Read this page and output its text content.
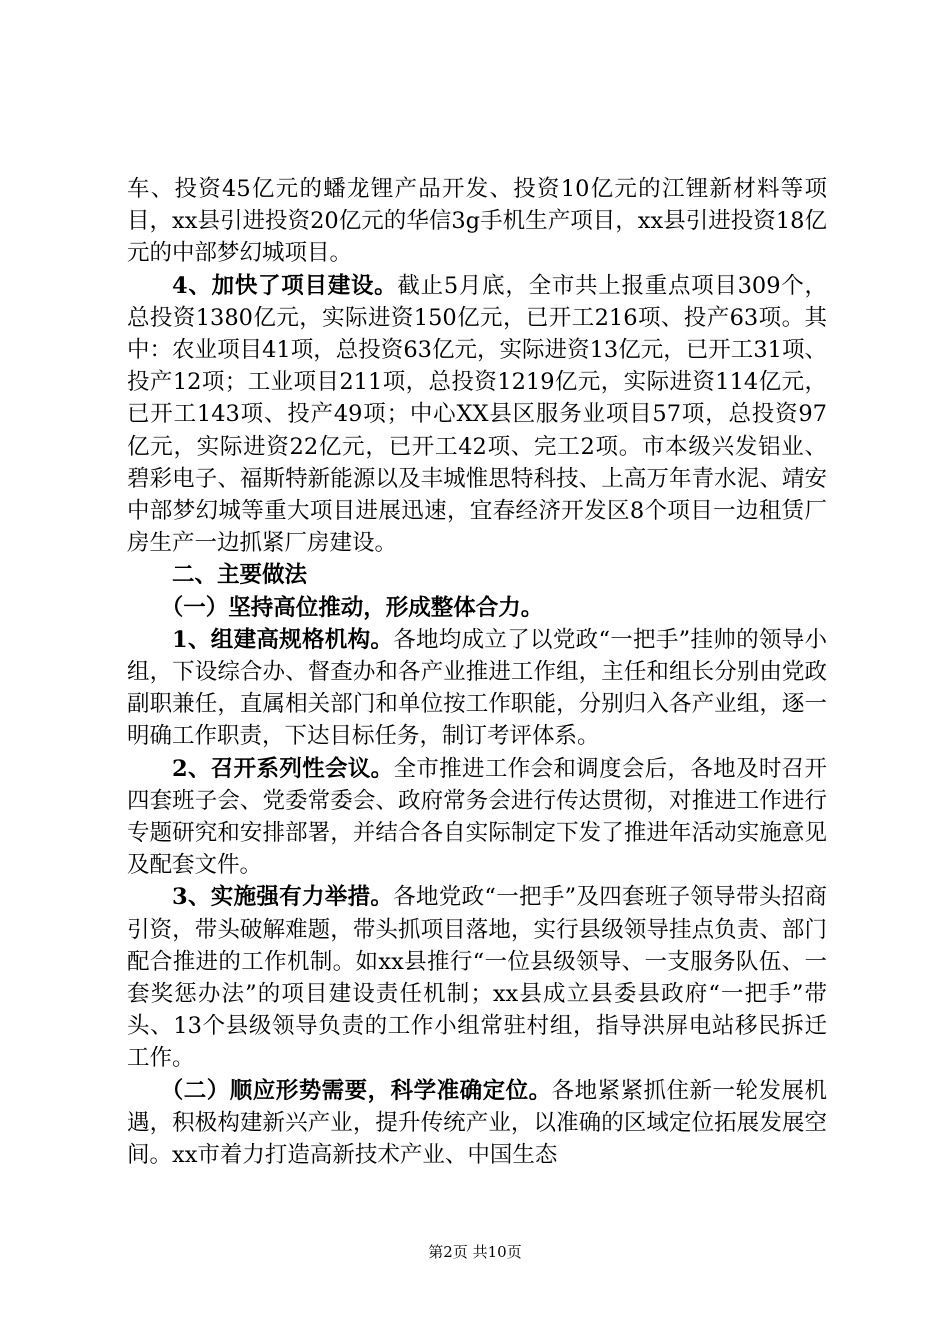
车、投资45亿元的蟠龙锂产品开发、投资10亿元的江锂新材料等项目，xx县引进投资20亿元的华信3g手机生产项目，xx县引进投资18亿元的中部梦幻城项目。

4、加快了项目建设。截止5月底，全市共上报重点项目309个，总投资1380亿元，实际进资150亿元，已开工216项、投产63项。其中：农业项目41项，总投资63亿元，实际进资13亿元，已开工31项、投产12项；工业项目211项，总投资1219亿元，实际进资114亿元，已开工143项、投产49项；中心XX县区服务业项目57项，总投资97亿元，实际进资22亿元，已开工42项、完工2项。市本级兴发铝业、碧彩电子、福斯特新能源以及丰城惟思特科技、上高万年青水泥、靖安中部梦幻城等重大项目进展迅速，宜春经济开发区8个项目一边租赁厂房生产一边抓紧厂房建设。

二、主要做法

（一）坚持高位推动，形成整体合力。

1、组建高规格机构。各地均成立了以党政“一把手”挂帅的领导小组，下设综合办、督查办和各产业推进工作组，主任和组长分别由党政副职兼任，直属相关部门和单位按工作职能，分别归入各产业组，逐一明确工作职责，下达目标任务，制订考评体系。

2、召开系列性会议。全市推进工作会和调度会后，各地及时召开四套班子会、党委常委会、政府常务会进行传达贯彻，对推进工作进行专题研究和安排部署，并结合各自实际制定下发了推进年活动实施意见及配套文件。

3、实施强有力举措。各地党政“一把手”及四套班子领导带头招商引资，带头破解难题，带头抓项目落地，实行县级领导挂点负责、部门配合推进的工作机制。如xx县推行“一位县级领导、一支服务队伍、一套奖惩办法”的项目建设责任机制；xx县成立县委县政府“一把手”带头、13个县级领导负责的工作小组常驻村组，指导洪屏电站移民拆迁工作。

（二）顺应形势需要，科学准确定位。各地紧紧抓住新一轮发展机遇，积极构建新兴产业，提升传统产业，以准确的区域定位拓展发展空间。xx市着力打造高新技术产业、中国生态

第2页 共10页
